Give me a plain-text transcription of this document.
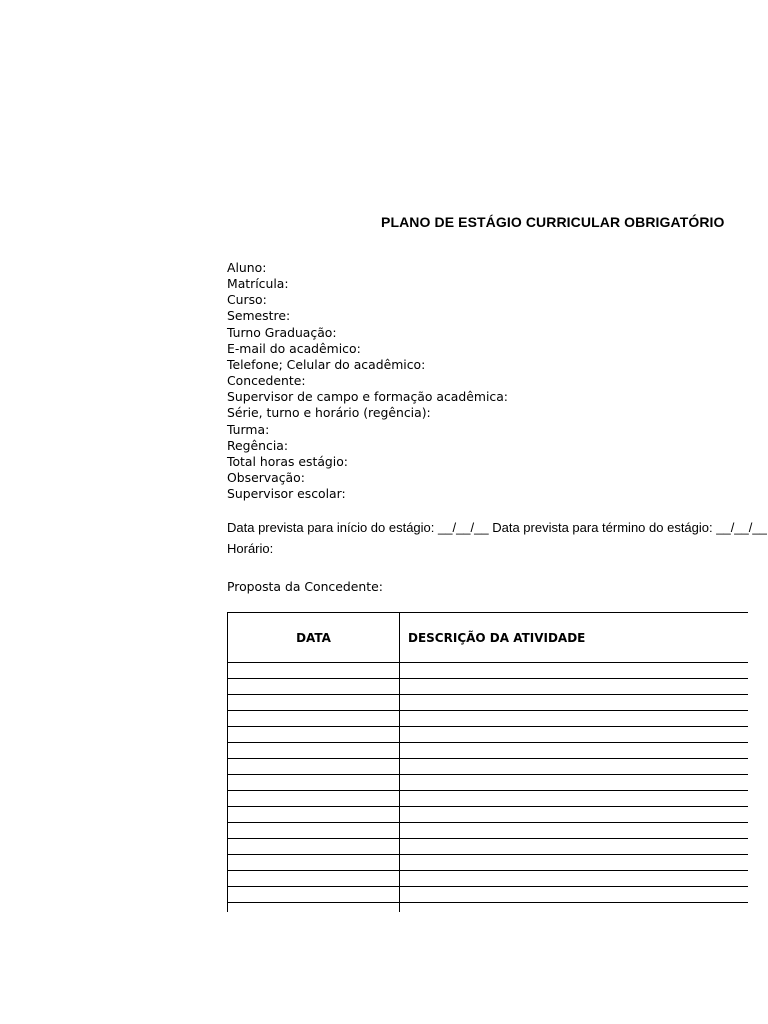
PLANO DE ESTÁGIO CURRICULAR OBRIGATÓRIO
Aluno:
Matrícula:
Curso:
Semestre:
Turno Graduação:
E-mail do acadêmico:
Telefone; Celular do acadêmico:
Concedente:
Supervisor de campo e formação acadêmica:
Série, turno e horário (regência):
Turma:
Regência:
Total horas estágio:
Observação:
Supervisor escolar:
Data prevista para início do estágio: __/__/__ Data prevista para término do estágio: __/__/__
Horário:
Proposta da Concedente:
DATA	DESCRIÇÃO DA ATIVIDADE
